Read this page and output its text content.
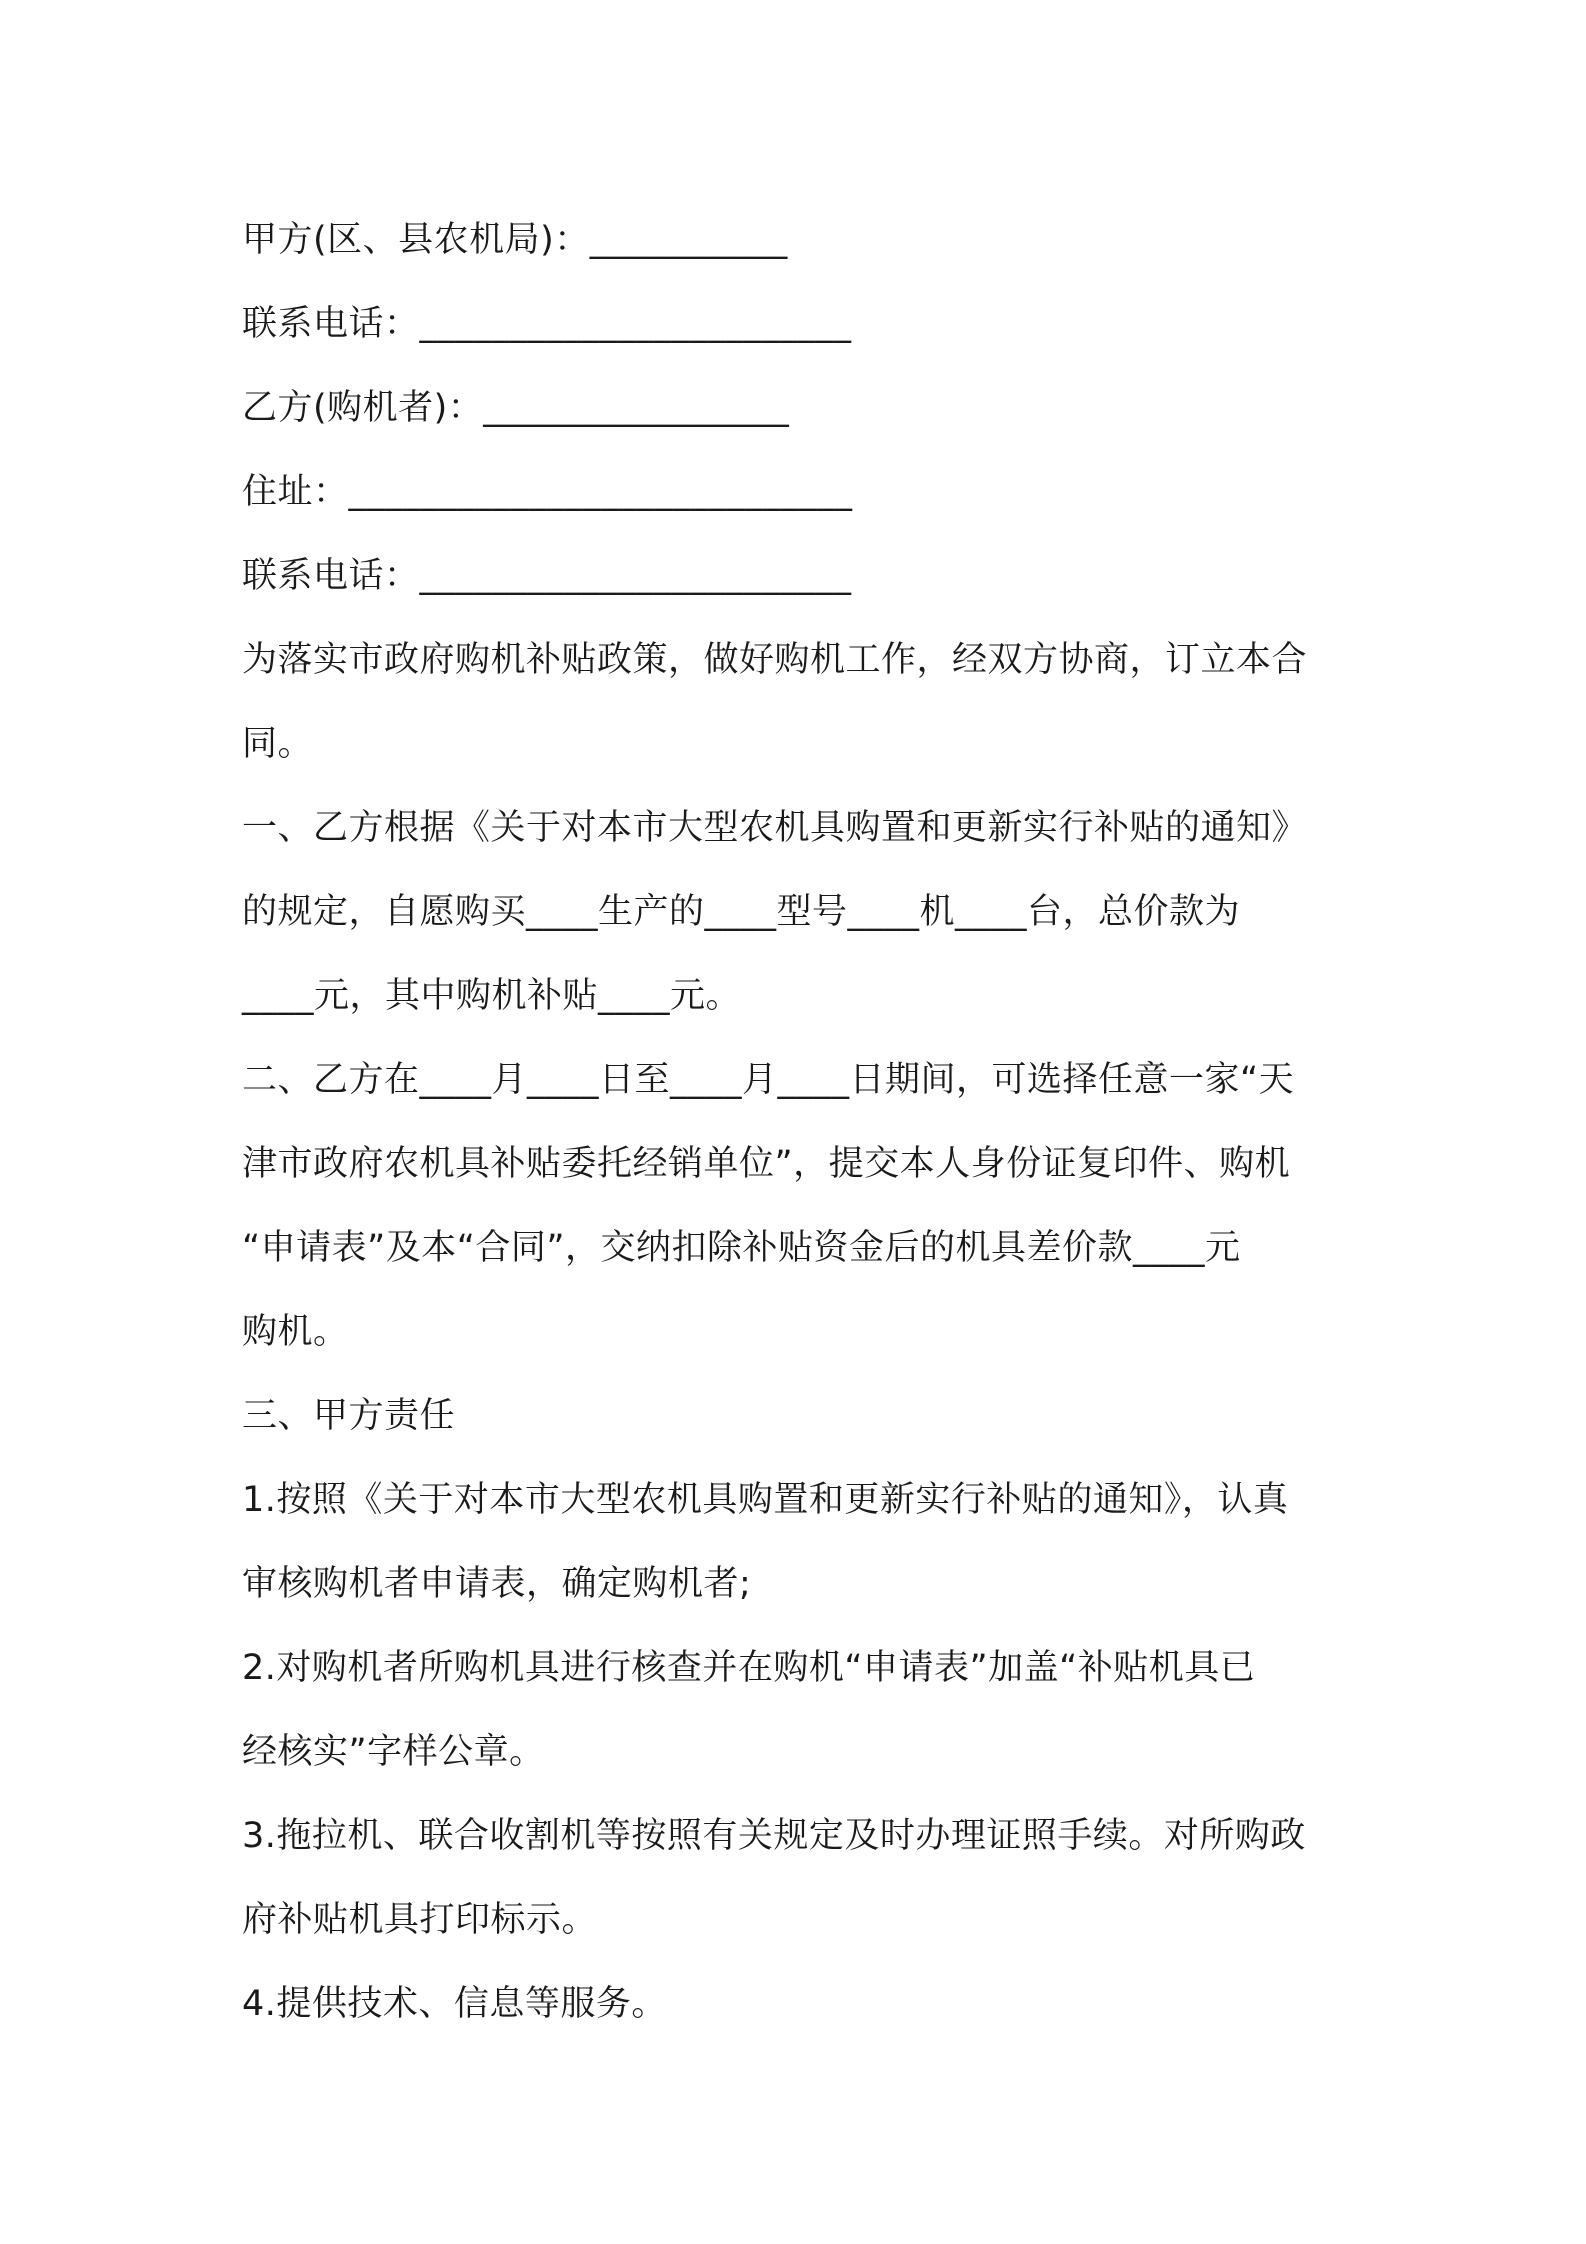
甲方(区、县农机局)：___________
联系电话：________________________
乙方(购机者)：_________________
住址：____________________________
联系电话：________________________
为落实市政府购机补贴政策，做好购机工作，经双方协商，订立本合
同。
一、乙方根据《关于对本市大型农机具购置和更新实行补贴的通知》
的规定，自愿购买____生产的____型号____机____台，总价款为
____元，其中购机补贴____元。
二、乙方在____月____日至____月____日期间，可选择任意一家“天
津市政府农机具补贴委托经销单位”，提交本人身份证复印件、购机
“申请表”及本“合同”，交纳扣除补贴资金后的机具差价款____元
购机。
三、甲方责任
1.按照《关于对本市大型农机具购置和更新实行补贴的通知》，认真
审核购机者申请表，确定购机者;
2.对购机者所购机具进行核查并在购机“申请表”加盖“补贴机具已
经核实”字样公章。
3.拖拉机、联合收割机等按照有关规定及时办理证照手续。对所购政
府补贴机具打印标示。
4.提供技术、信息等服务。
